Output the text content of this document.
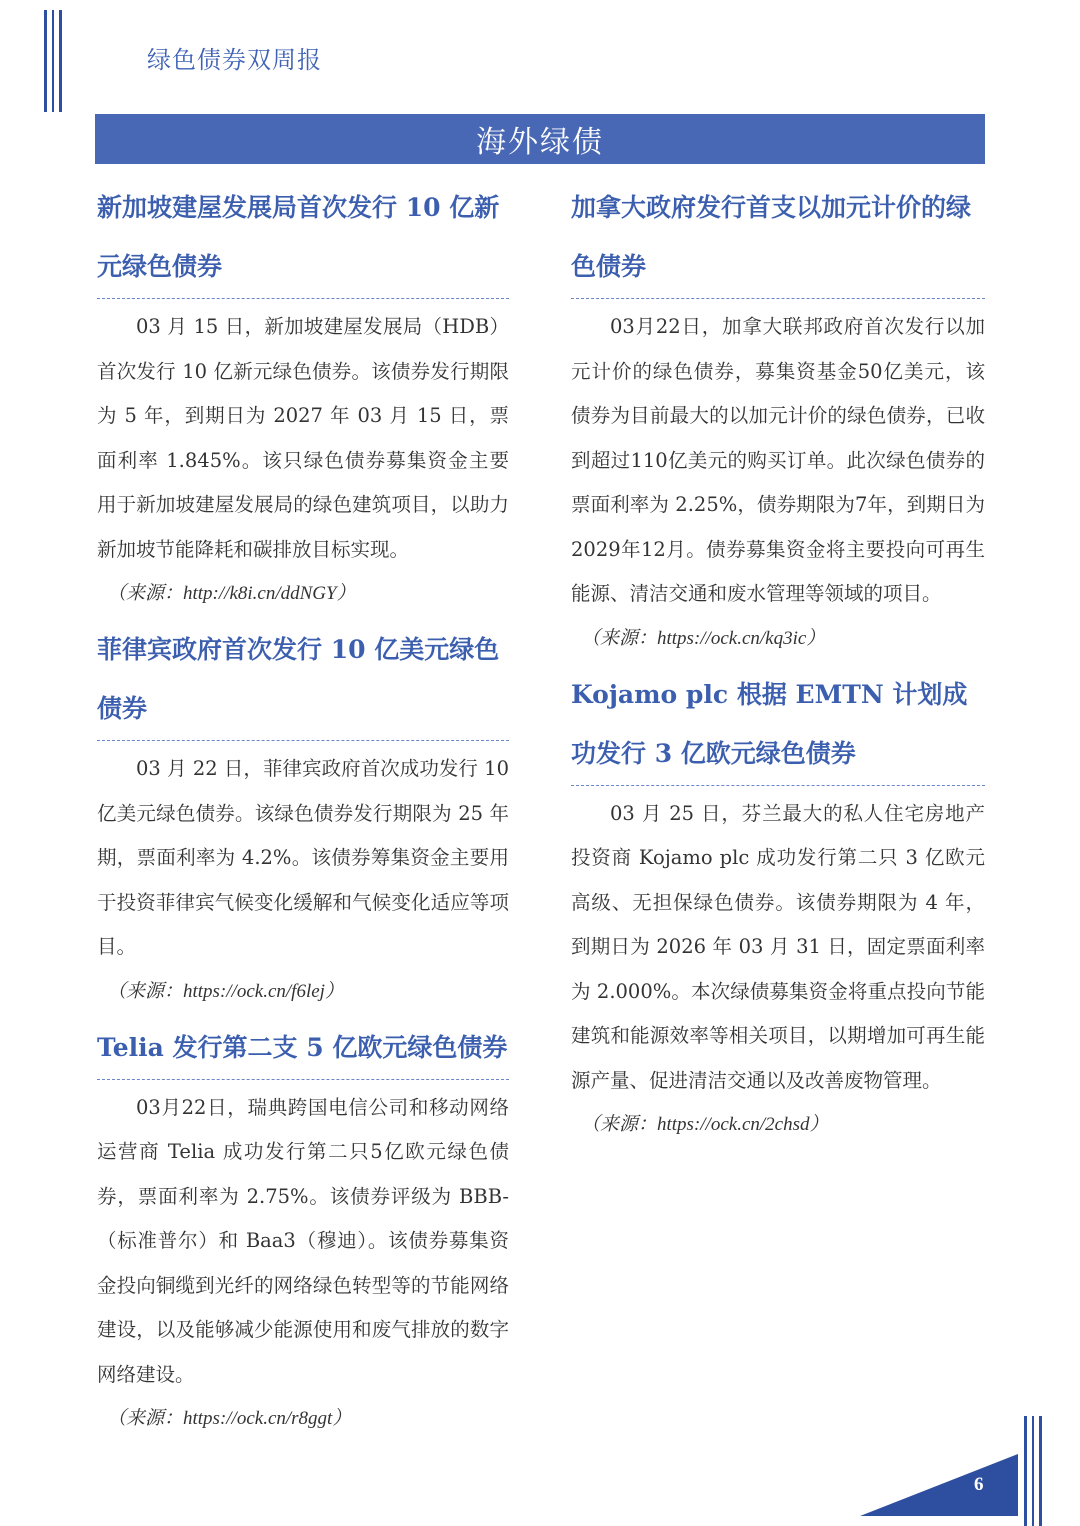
绿色债券双周报
海外绿债
新加坡建屋发展局首次发行 10 亿新元绿色债券

03 月 15 日，新加坡建屋发展局（HDB）首次发行 10 亿新元绿色债券。该债券发行期限为 5 年，到期日为 2027 年 03 月 15 日，票面利率 1.845%。该只绿色债券募集资金主要用于新加坡建屋发展局的绿色建筑项目，以助力新加坡节能降耗和碳排放目标实现。

（来源：http://k8i.cn/ddNGY）

菲律宾政府首次发行 10 亿美元绿色债券

03 月 22 日，菲律宾政府首次成功发行 10 亿美元绿色债券。该绿色债券发行期限为 25 年期，票面利率为 4.2%。该债券筹集资金主要用于投资菲律宾气候变化缓解和气候变化适应等项目。

（来源：https://ock.cn/f6lej）

Telia 发行第二支 5 亿欧元绿色债券

03月22日，瑞典跨国电信公司和移动网络运营商 Telia 成功发行第二只5亿欧元绿色债券，票面利率为 2.75%。该债券评级为 BBB-（标准普尔）和 Baa3（穆迪）。该债券募集资金投向铜缆到光纤的网络绿色转型等的节能网络建设，以及能够减少能源使用和废气排放的数字网络建设。

（来源：https://ock.cn/r8ggt）

加拿大政府发行首支以加元计价的绿色债券

03月22日，加拿大联邦政府首次发行以加元计价的绿色债券，募集资基金50亿美元，该债券为目前最大的以加元计价的绿色债券，已收到超过110亿美元的购买订单。此次绿色债券的票面利率为 2.25%，债券期限为7年，到期日为2029年12月。债券募集资金将主要投向可再生能源、清洁交通和废水管理等领域的项目。

（来源：https://ock.cn/kq3ic）

Kojamo plc 根据 EMTN 计划成功发行 3 亿欧元绿色债券

03 月 25 日，芬兰最大的私人住宅房地产投资商 Kojamo plc 成功发行第二只 3 亿欧元高级、无担保绿色债券。该债券期限为 4 年，到期日为 2026 年 03 月 31 日，固定票面利率为 2.000%。本次绿债募集资金将重点投向节能建筑和能源效率等相关项目，以期增加可再生能源产量、促进清洁交通以及改善废物管理。

（来源：https://ock.cn/2chsd）

6
